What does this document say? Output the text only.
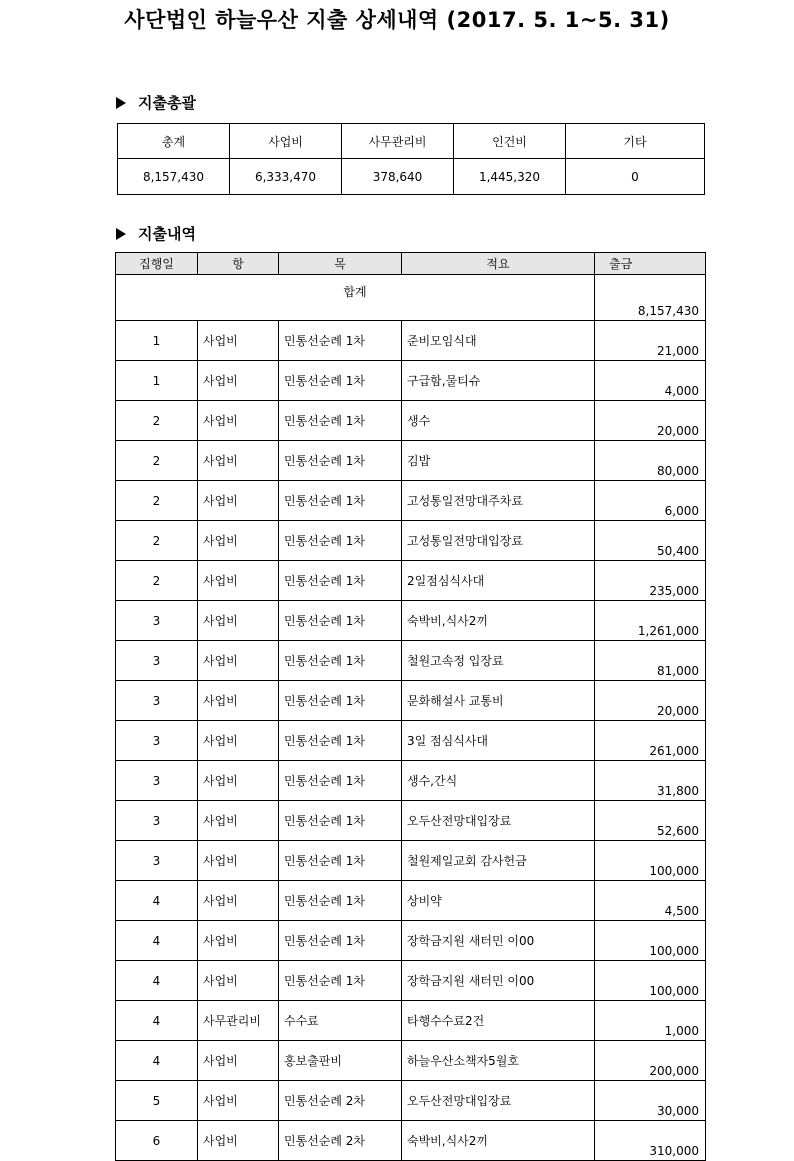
사단법인 하늘우산 지출 상세내역 (2017. 5. 1~5. 31)
지출총괄
총계	사업비	사무관리비	인건비	기타
8,157,430	6,333,470	378,640	1,445,320	0
지출내역
집행일	항	목	적요	출금
합계				8,157,430
1	사업비	민통선순례 1차	준비모임식대	21,000
1	사업비	민통선순례 1차	구급함,물티슈	4,000
2	사업비	민통선순례 1차	생수	20,000
2	사업비	민통선순례 1차	김밥	80,000
2	사업비	민통선순례 1차	고성통일전망대주차료	6,000
2	사업비	민통선순례 1차	고성통일전망대입장료	50,400
2	사업비	민통선순례 1차	2일점심식사대	235,000
3	사업비	민통선순례 1차	숙박비,식사2끼	1,261,000
3	사업비	민통선순례 1차	철원고속정 입장료	81,000
3	사업비	민통선순례 1차	문화해설사 교통비	20,000
3	사업비	민통선순례 1차	3일 점심식사대	261,000
3	사업비	민통선순례 1차	생수,간식	31,800
3	사업비	민통선순례 1차	오두산전망대입장료	52,600
3	사업비	민통선순례 1차	철원제일교회 감사헌금	100,000
4	사업비	민통선순례 1차	상비약	4,500
4	사업비	민통선순례 1차	장학금지원 새터민 이00	100,000
4	사업비	민통선순례 1차	장학금지원 새터민 이00	100,000
4	사무관리비	수수료	타행수수료2건	1,000
4	사업비	홍보출판비	하늘우산소책자5월호	200,000
5	사업비	민통선순례 2차	오두산전망대입장료	30,000
6	사업비	민통선순례 2차	숙박비,식사2끼	310,000
